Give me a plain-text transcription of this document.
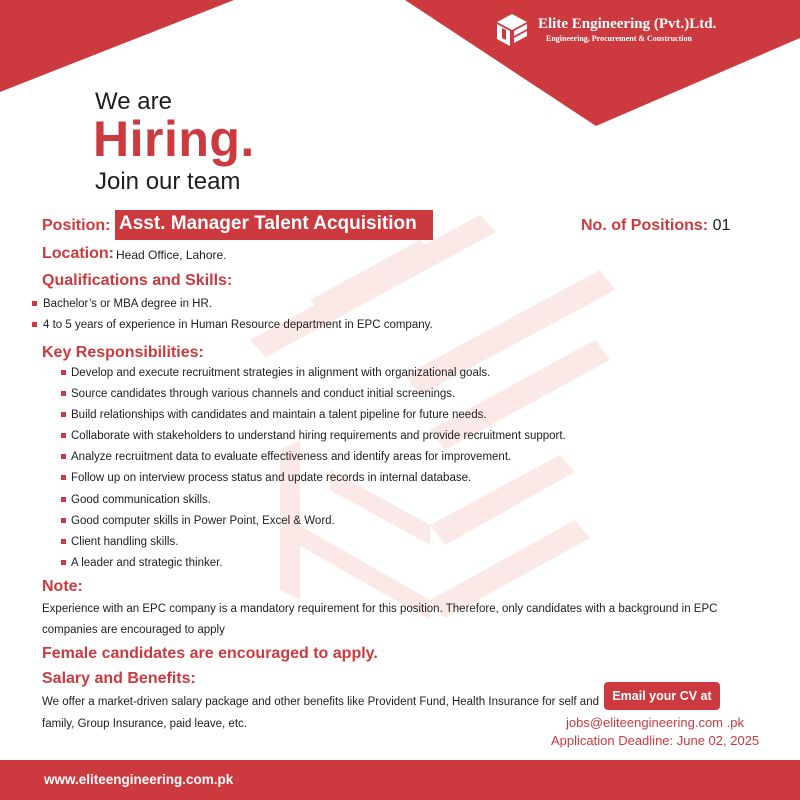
Elite Engineering (Pvt.)Ltd.
Engineering, Procurement & Construction
We are
Hiring.
Join our team
Position: Asst. Manager Talent Acquisition	No. of Positions: 01
Location: Head Office, Lahore.
Qualifications and Skills:
Bachelor’s or MBA degree in HR.
4 to 5 years of experience in Human Resource department in EPC company.
Key Responsibilities:
Develop and execute recruitment strategies in alignment with organizational goals.
Source candidates through various channels and conduct initial screenings.
Build relationships with candidates and maintain a talent pipeline for future needs.
Collaborate with stakeholders to understand hiring requirements and provide recruitment support.
Analyze recruitment data to evaluate effectiveness and identify areas for improvement.
Follow up on interview process status and update records in internal database.
Good communication skills.
Good computer skills in Power Point, Excel & Word.
Client handling skills.
A leader and strategic thinker.
Note:
Experience with an EPC company is a mandatory requirement for this position. Therefore, only candidates with a background in EPC companies are encouraged to apply
Female candidates are encouraged to apply.
Salary and Benefits:
We offer a market-driven salary package and other benefits like Provident Fund, Health Insurance for self and family, Group Insurance, paid leave, etc.
Email your CV at
jobs@eliteengineering.com .pk
Application Deadline: June 02, 2025
www.eliteengineering.com.pk
